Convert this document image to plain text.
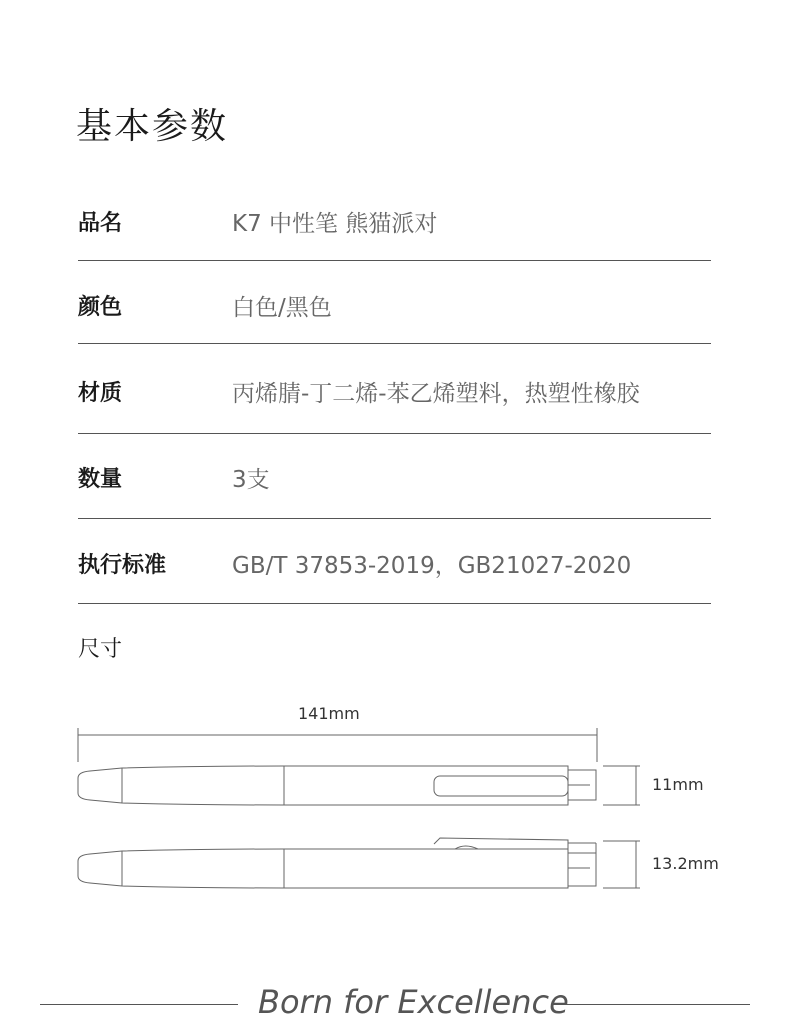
基本参数
品名	K7 中性笔 熊猫派对
颜色	白色/黑色
材质	丙烯腈-丁二烯-苯乙烯塑料，热塑性橡胶
数量	3支
执行标准	GB/T 37853-2019，GB21027-2020
尺寸
141mm
11mm
13.2mm
Born for Excellence
